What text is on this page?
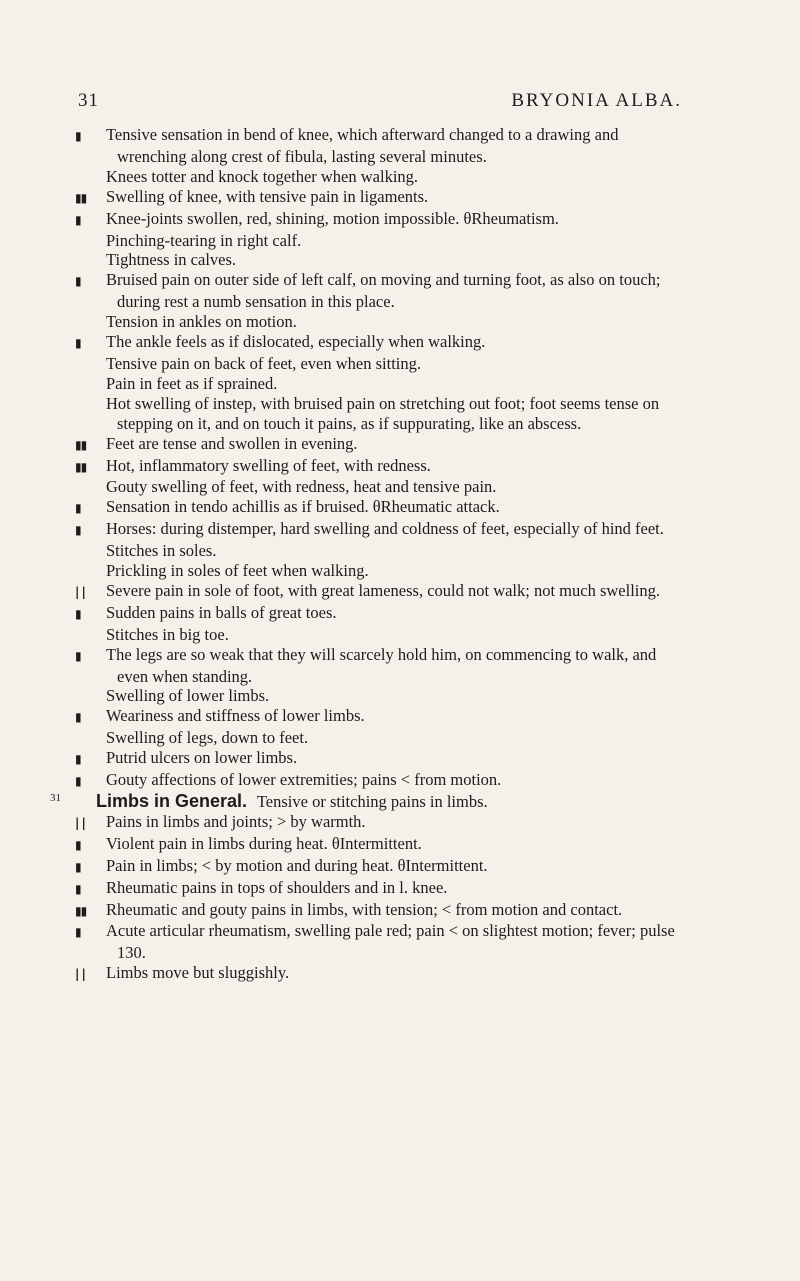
31	BRYONIA ALBA.
▮ Tensive sensation in bend of knee, which afterward changed to a drawing and wrenching along crest of fibula, lasting several minutes.
Knees totter and knock together when walking.
▮▮ Swelling of knee, with tensive pain in ligaments.
▮ Knee-joints swollen, red, shining, motion impossible. θRheumatism.
Pinching-tearing in right calf.
Tightness in calves.
▮ Bruised pain on outer side of left calf, on moving and turning foot, as also on touch; during rest a numb sensation in this place.
Tension in ankles on motion.
▮ The ankle feels as if dislocated, especially when walking.
Tensive pain on back of feet, even when sitting.
Pain in feet as if sprained.
Hot swelling of instep, with bruised pain on stretching out foot; foot seems tense on stepping on it, and on touch it pains, as if suppurating, like an abscess.
▮▮ Feet are tense and swollen in evening.
▮▮ Hot, inflammatory swelling of feet, with redness.
Gouty swelling of feet, with redness, heat and tensive pain.
▮ Sensation in tendo achillis as if bruised. θRheumatic attack.
▮ Horses: during distemper, hard swelling and coldness of feet, especially of hind feet.
Stitches in soles.
Prickling in soles of feet when walking.
| | Severe pain in sole of foot, with great lameness, could not walk; not much swelling.
▮ Sudden pains in balls of great toes.
Stitches in big toe.
▮ The legs are so weak that they will scarcely hold him, on commencing to walk, and even when standing.
Swelling of lower limbs.
▮ Weariness and stiffness of lower limbs.
Swelling of legs, down to feet.
▮ Putrid ulcers on lower limbs.
▮ Gouty affections of lower extremities; pains < from motion.
31	Limbs in General. Tensive or stitching pains in limbs.
| | Pains in limbs and joints; > by warmth.
▮ Violent pain in limbs during heat. θIntermittent.
▮ Pain in limbs; < by motion and during heat. θIntermittent.
▮ Rheumatic pains in tops of shoulders and in l. knee.
▮▮ Rheumatic and gouty pains in limbs, with tension; < from motion and contact.
▮ Acute articular rheumatism, swelling pale red; pain < on slightest motion; fever; pulse 130.
| | Limbs move but sluggishly.
